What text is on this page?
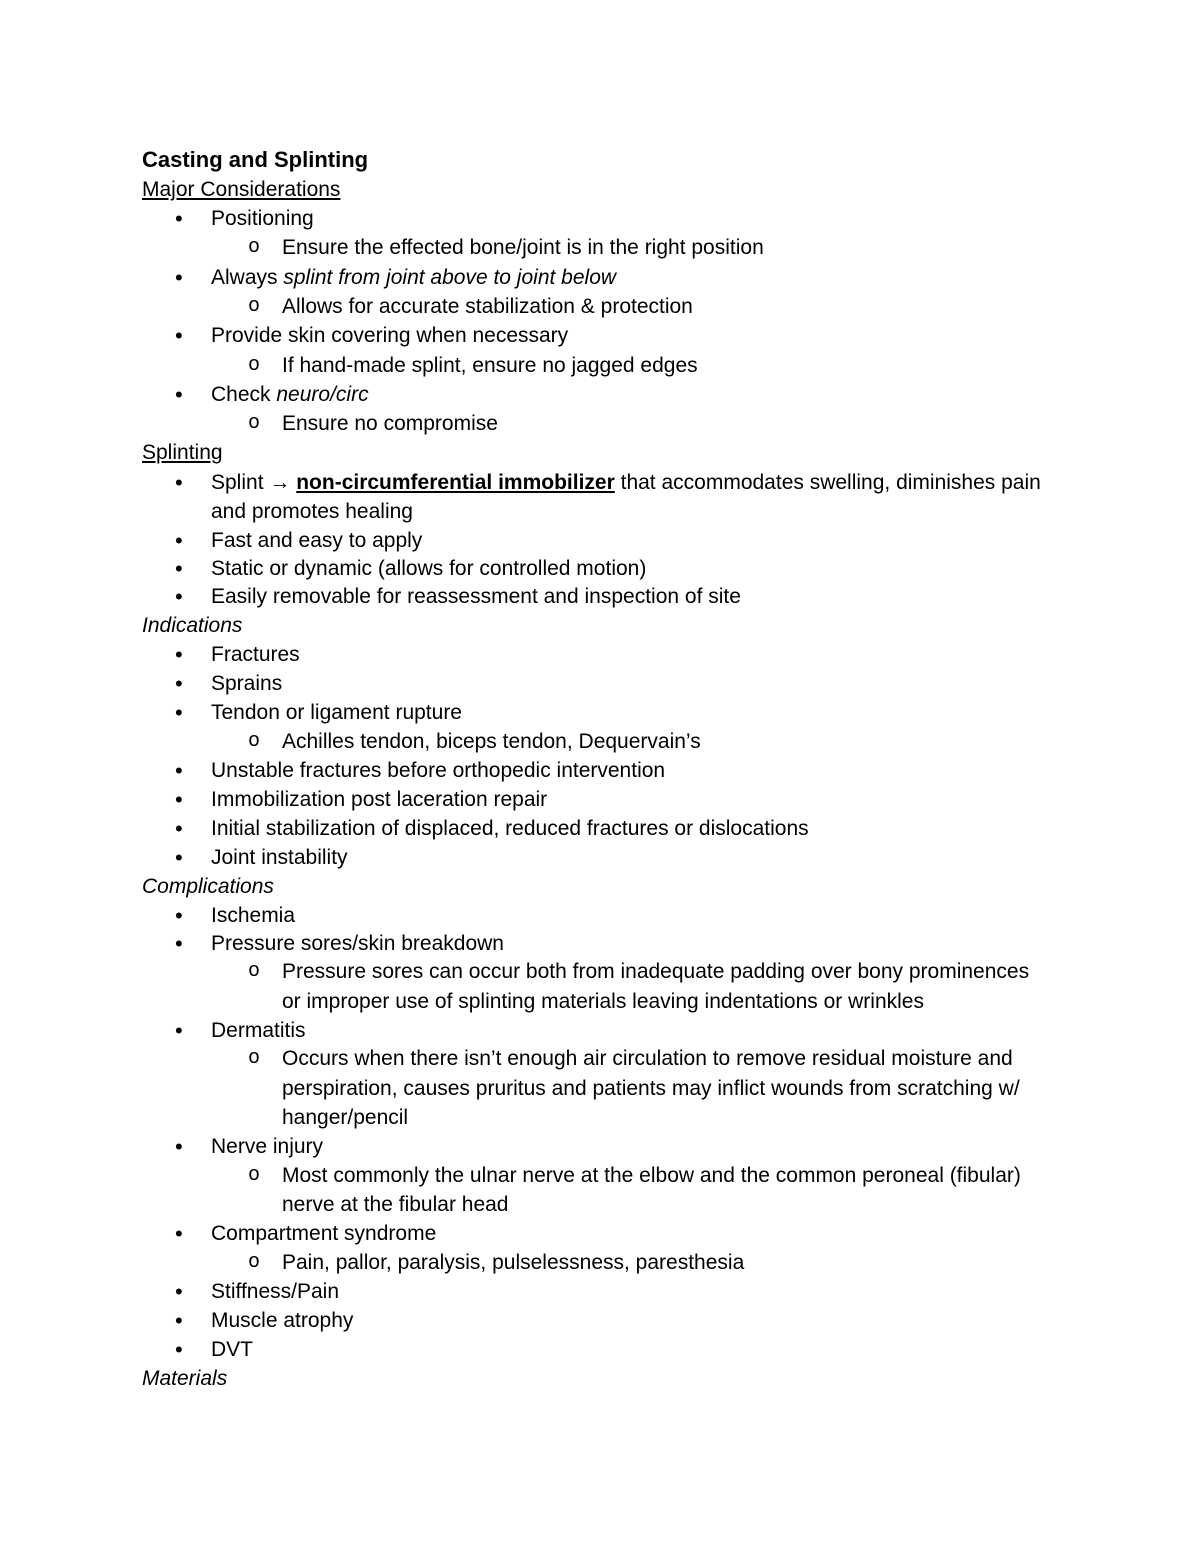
Casting and Splinting
Major Considerations
• Positioning
o Ensure the effected bone/joint is in the right position
• Always splint from joint above to joint below
o Allows for accurate stabilization & protection
• Provide skin covering when necessary
o If hand-made splint, ensure no jagged edges
• Check neuro/circ
o Ensure no compromise
Splinting
• Splint → non-circumferential immobilizer that accommodates swelling, diminishes pain
and promotes healing
• Fast and easy to apply
• Static or dynamic (allows for controlled motion)
• Easily removable for reassessment and inspection of site
Indications
• Fractures
• Sprains
• Tendon or ligament rupture
o Achilles tendon, biceps tendon, Dequervain’s
• Unstable fractures before orthopedic intervention
• Immobilization post laceration repair
• Initial stabilization of displaced, reduced fractures or dislocations
• Joint instability
Complications
• Ischemia
• Pressure sores/skin breakdown
o Pressure sores can occur both from inadequate padding over bony prominences
or improper use of splinting materials leaving indentations or wrinkles
• Dermatitis
o Occurs when there isn’t enough air circulation to remove residual moisture and
perspiration, causes pruritus and patients may inflict wounds from scratching w/
hanger/pencil
• Nerve injury
o Most commonly the ulnar nerve at the elbow and the common peroneal (fibular)
nerve at the fibular head
• Compartment syndrome
o Pain, pallor, paralysis, pulselessness, paresthesia
• Stiffness/Pain
• Muscle atrophy
• DVT
Materials
